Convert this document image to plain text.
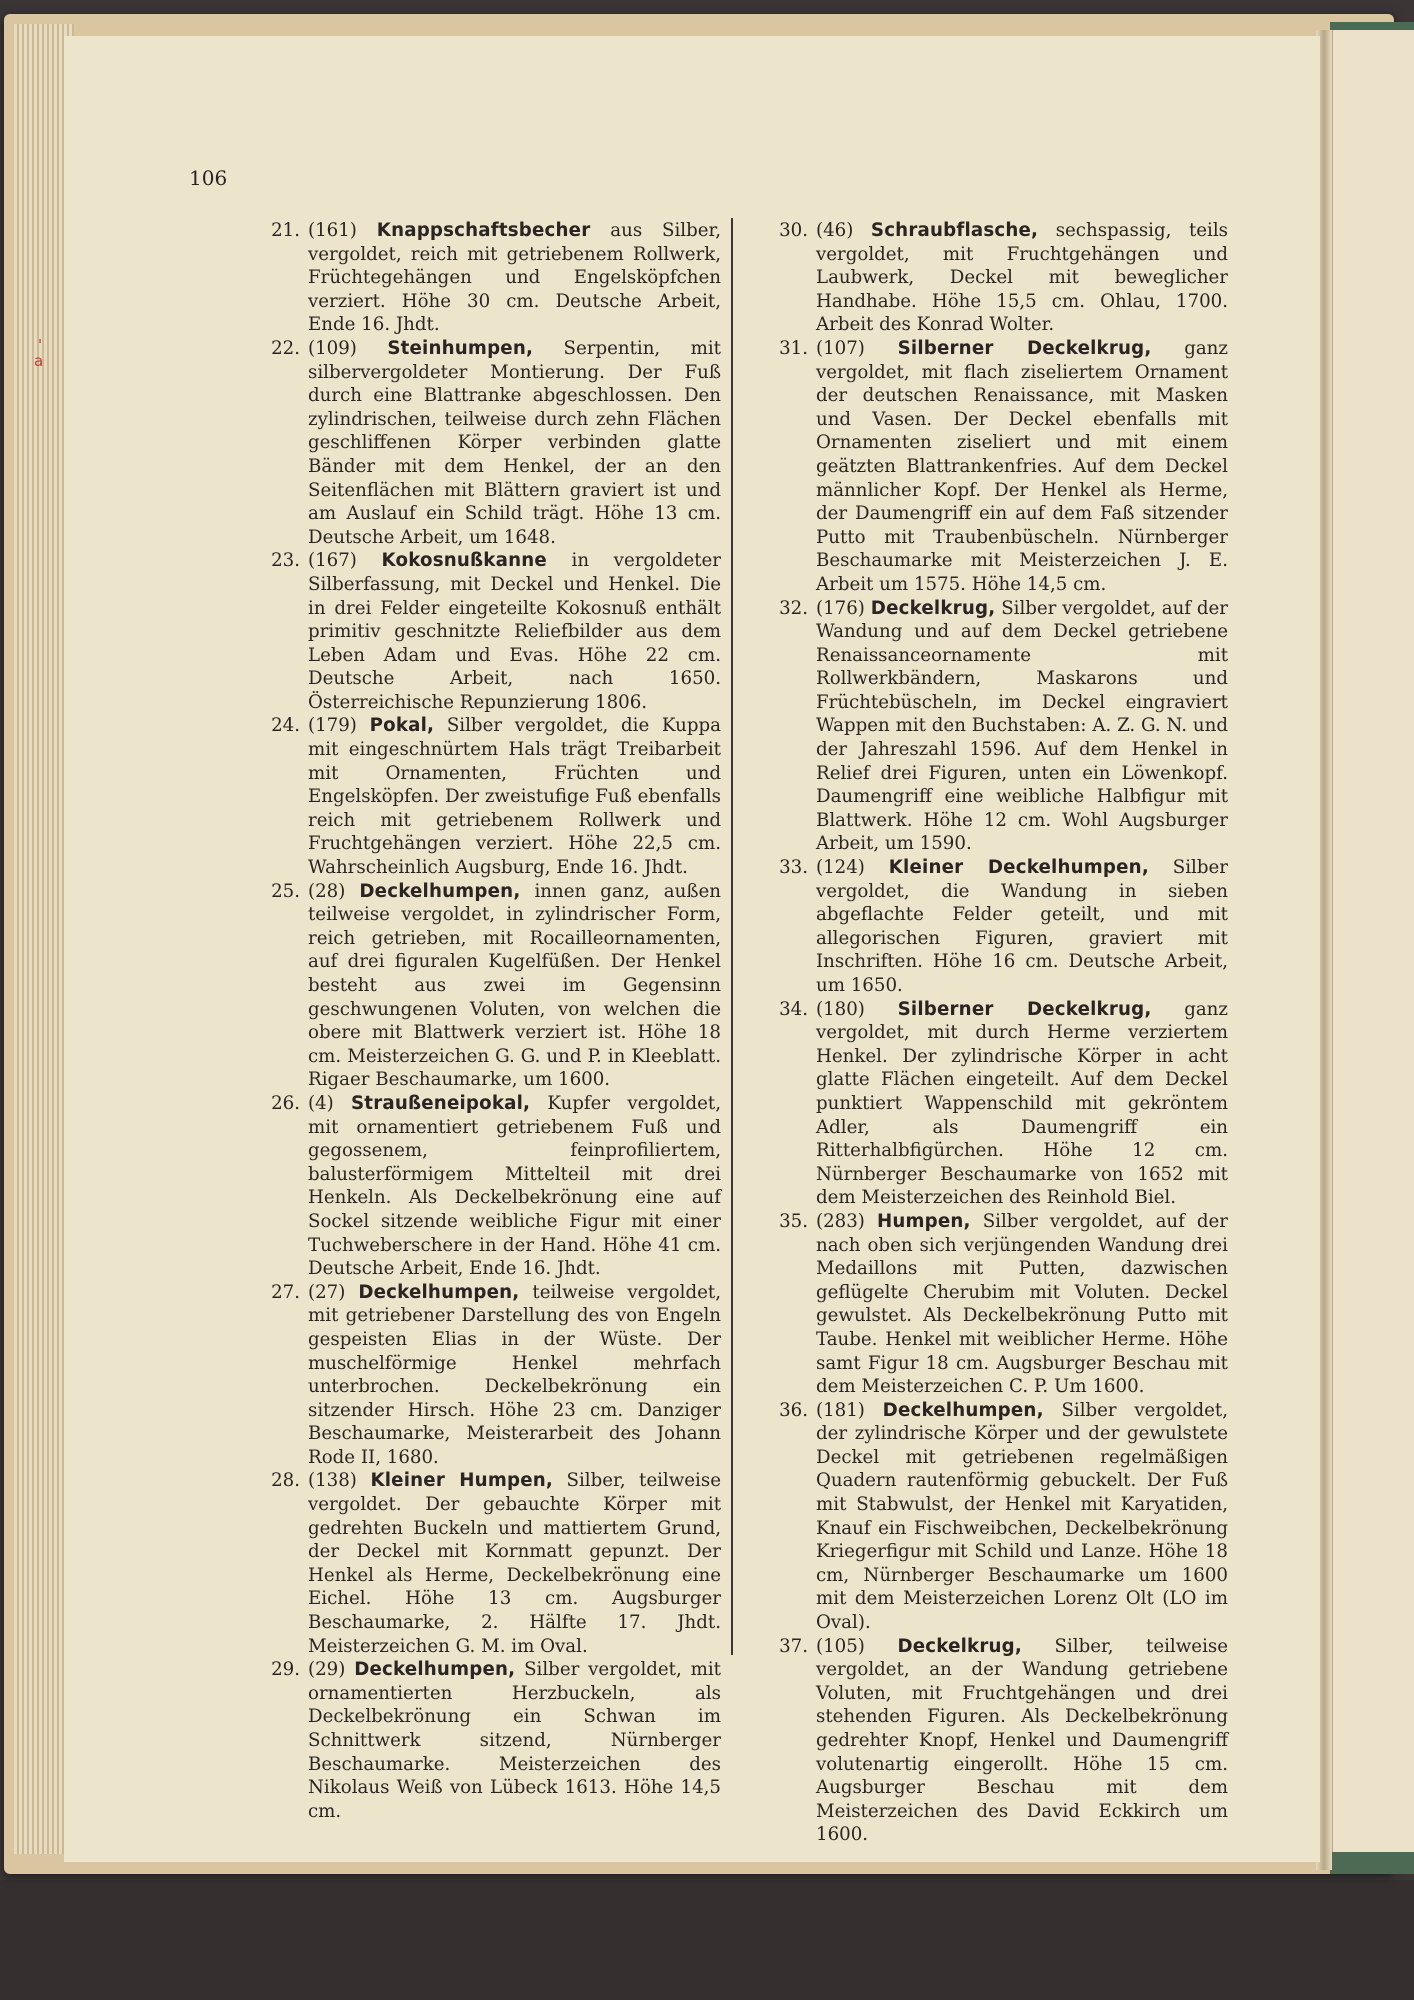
'
a
106
21. (161) Knappschaftsbecher aus Silber, vergoldet, reich mit getriebenem Rollwerk, Früchtegehängen und Engelsköpfchen verziert. Höhe 30 cm. Deutsche Arbeit, Ende 16. Jhdt.
22. (109) Steinhumpen, Serpentin, mit silbervergoldeter Montierung. Der Fuß durch eine Blattranke abgeschlossen. Den zylindrischen, teilweise durch zehn Flächen geschliffenen Körper verbinden glatte Bänder mit dem Henkel, der an den Seitenflächen mit Blättern graviert ist und am Auslauf ein Schild trägt. Höhe 13 cm. Deutsche Arbeit, um 1648.
23. (167) Kokosnußkanne in vergoldeter Silberfassung, mit Deckel und Henkel. Die in drei Felder eingeteilte Kokosnuß enthält primitiv geschnitzte Reliefbilder aus dem Leben Adam und Evas. Höhe 22 cm. Deutsche Arbeit, nach 1650. Österreichische Repunzierung 1806.
24. (179) Pokal, Silber vergoldet, die Kuppa mit eingeschnürtem Hals trägt Treibarbeit mit Ornamenten, Früchten und Engelsköpfen. Der zweistufige Fuß ebenfalls reich mit getriebenem Rollwerk und Fruchtgehängen verziert. Höhe 22,5 cm. Wahrscheinlich Augsburg, Ende 16. Jhdt.
25. (28) Deckelhumpen, innen ganz, außen teilweise vergoldet, in zylindrischer Form, reich getrieben, mit Rocailleornamenten, auf drei figuralen Kugelfüßen. Der Henkel besteht aus zwei im Gegensinn geschwungenen Voluten, von welchen die obere mit Blattwerk verziert ist. Höhe 18 cm. Meisterzeichen G. G. und P. in Kleeblatt. Rigaer Beschaumarke, um 1600.
26. (4) Straußeneipokal, Kupfer vergoldet, mit ornamentiert getriebenem Fuß und gegossenem, feinprofiliertem, balusterförmigem Mittelteil mit drei Henkeln. Als Deckelbekrönung eine auf Sockel sitzende weibliche Figur mit einer Tuchweberschere in der Hand. Höhe 41 cm. Deutsche Arbeit, Ende 16. Jhdt.
27. (27) Deckelhumpen, teilweise vergoldet, mit getriebener Darstellung des von Engeln gespeisten Elias in der Wüste. Der muschelförmige Henkel mehrfach unterbrochen. Deckelbekrönung ein sitzender Hirsch. Höhe 23 cm. Danziger Beschaumarke, Meisterarbeit des Johann Rode II, 1680.
28. (138) Kleiner Humpen, Silber, teilweise vergoldet. Der gebauchte Körper mit gedrehten Buckeln und mattiertem Grund, der Deckel mit Kornmatt gepunzt. Der Henkel als Herme, Deckelbekrönung eine Eichel. Höhe 13 cm. Augsburger Beschaumarke, 2. Hälfte 17. Jhdt. Meisterzeichen G. M. im Oval.
29. (29) Deckelhumpen, Silber vergoldet, mit ornamentierten Herzbuckeln, als Deckelbekrönung ein Schwan im Schnittwerk sitzend, Nürnberger Beschaumarke. Meisterzeichen des Nikolaus Weiß von Lübeck 1613. Höhe 14,5 cm.
30. (46) Schraubflasche, sechspassig, teils vergoldet, mit Fruchtgehängen und Laubwerk, Deckel mit beweglicher Handhabe. Höhe 15,5 cm. Ohlau, 1700. Arbeit des Konrad Wolter.
31. (107) Silberner Deckelkrug, ganz vergoldet, mit flach ziseliertem Ornament der deutschen Renaissance, mit Masken und Vasen. Der Deckel ebenfalls mit Ornamenten ziseliert und mit einem geätzten Blattrankenfries. Auf dem Deckel männlicher Kopf. Der Henkel als Herme, der Daumengriff ein auf dem Faß sitzender Putto mit Traubenbüscheln. Nürnberger Beschaumarke mit Meisterzeichen J. E. Arbeit um 1575. Höhe 14,5 cm.
32. (176) Deckelkrug, Silber vergoldet, auf der Wandung und auf dem Deckel getriebene Renaissanceornamente mit Rollwerkbändern, Maskarons und Früchtebüscheln, im Deckel eingraviert Wappen mit den Buchstaben: A. Z. G. N. und der Jahreszahl 1596. Auf dem Henkel in Relief drei Figuren, unten ein Löwenkopf. Daumengriff eine weibliche Halbfigur mit Blattwerk. Höhe 12 cm. Wohl Augsburger Arbeit, um 1590.
33. (124) Kleiner Deckelhumpen, Silber vergoldet, die Wandung in sieben abgeflachte Felder geteilt, und mit allegorischen Figuren, graviert mit Inschriften. Höhe 16 cm. Deutsche Arbeit, um 1650.
34. (180) Silberner Deckelkrug, ganz vergoldet, mit durch Herme verziertem Henkel. Der zylindrische Körper in acht glatte Flächen eingeteilt. Auf dem Deckel punktiert Wappenschild mit gekröntem Adler, als Daumengriff ein Ritterhalbfigürchen. Höhe 12 cm. Nürnberger Beschaumarke von 1652 mit dem Meisterzeichen des Reinhold Biel.
35. (283) Humpen, Silber vergoldet, auf der nach oben sich verjüngenden Wandung drei Medaillons mit Putten, dazwischen geflügelte Cherubim mit Voluten. Deckel gewulstet. Als Deckelbekrönung Putto mit Taube. Henkel mit weiblicher Herme. Höhe samt Figur 18 cm. Augsburger Beschau mit dem Meisterzeichen C. P. Um 1600.
36. (181) Deckelhumpen, Silber vergoldet, der zylindrische Körper und der gewulstete Deckel mit getriebenen regelmäßigen Quadern rautenförmig gebuckelt. Der Fuß mit Stabwulst, der Henkel mit Karyatiden, Knauf ein Fischweibchen, Deckelbekrönung Kriegerfigur mit Schild und Lanze. Höhe 18 cm, Nürnberger Beschaumarke um 1600 mit dem Meisterzeichen Lorenz Olt (LO im Oval).
37. (105) Deckelkrug, Silber, teilweise vergoldet, an der Wandung getriebene Voluten, mit Fruchtgehängen und drei stehenden Figuren. Als Deckelbekrönung gedrehter Knopf, Henkel und Daumengriff volutenartig eingerollt. Höhe 15 cm. Augsburger Beschau mit dem Meisterzeichen des David Eckkirch um 1600.
